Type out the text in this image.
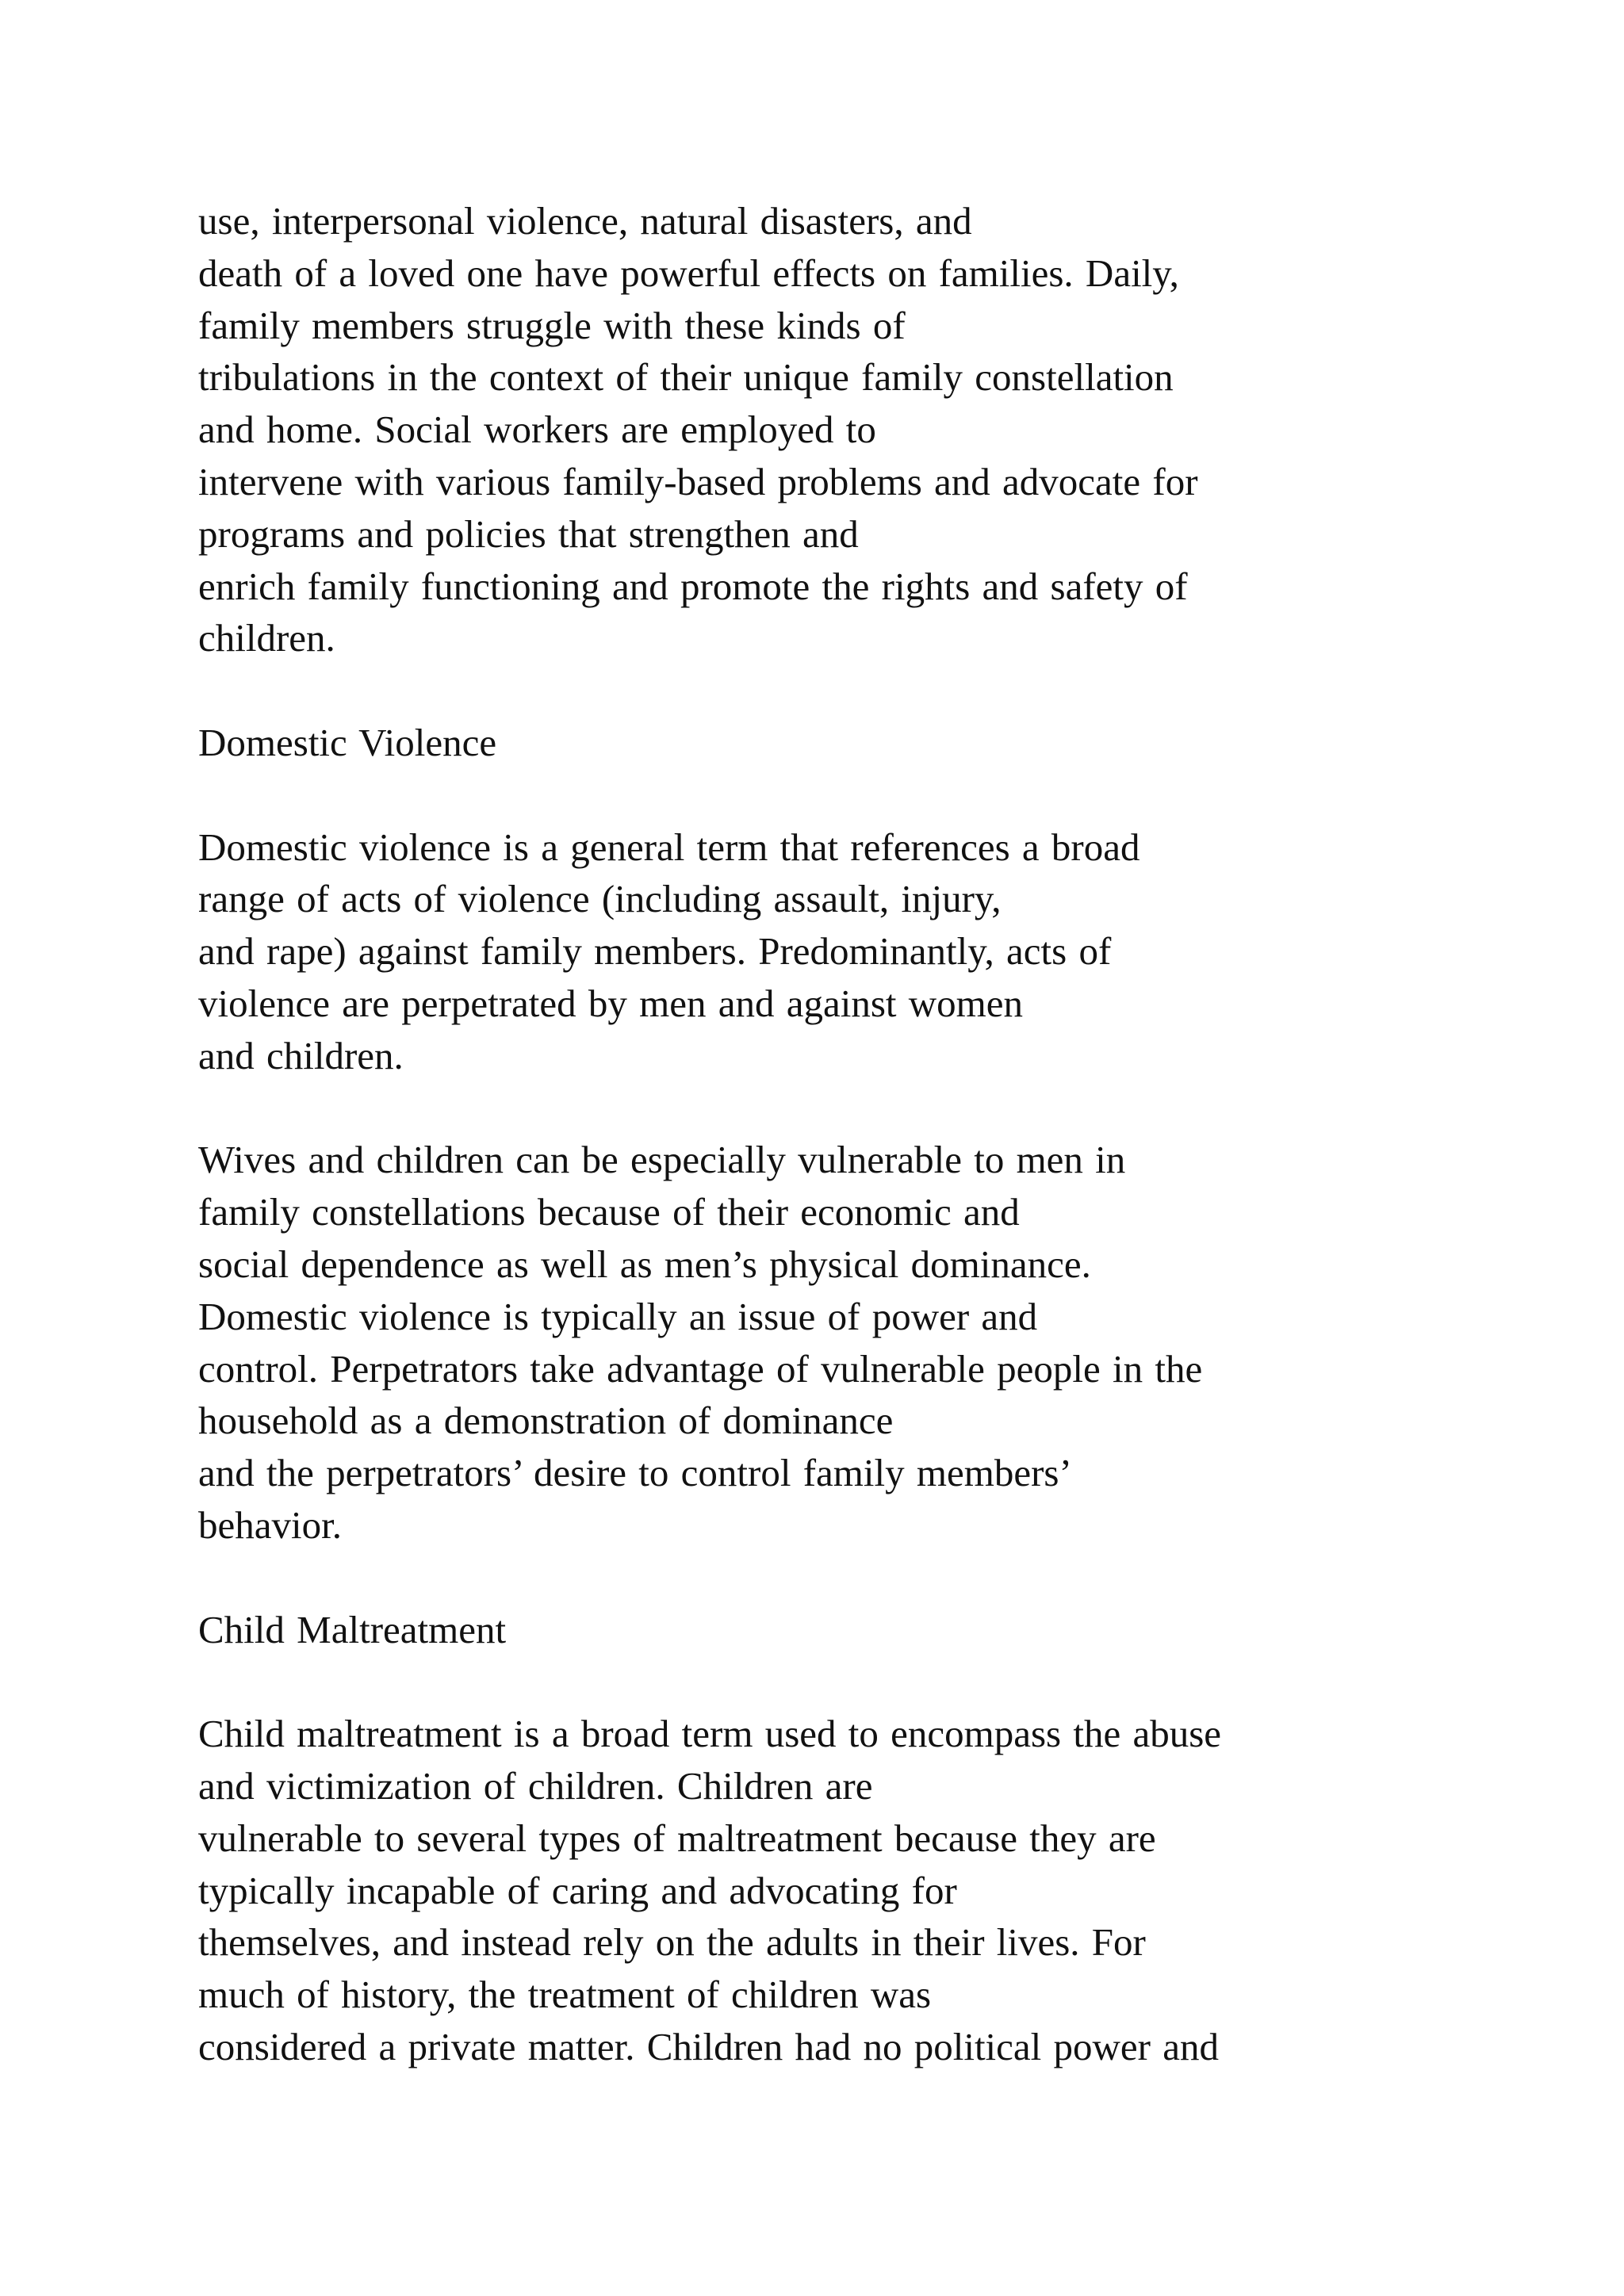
use, interpersonal violence, natural disasters, and
death of a loved one have powerful effects on families. Daily,
family members struggle with these kinds of
tribulations in the context of their unique family constellation
and home. Social workers are employed to
intervene with various family-based problems and advocate for
programs and policies that strengthen and
enrich family functioning and promote the rights and safety of
children.
Domestic Violence
Domestic violence is a general term that references a broad
range of acts of violence (including assault, injury,
and rape) against family members. Predominantly, acts of
violence are perpetrated by men and against women
and children.
Wives and children can be especially vulnerable to men in
family constellations because of their economic and
social dependence as well as men’s physical dominance.
Domestic violence is typically an issue of power and
control. Perpetrators take advantage of vulnerable people in the
household as a demonstration of dominance
and the perpetrators’ desire to control family members’
behavior.
Child Maltreatment
Child maltreatment is a broad term used to encompass the abuse
and victimization of children. Children are
vulnerable to several types of maltreatment because they are
typically incapable of caring and advocating for
themselves, and instead rely on the adults in their lives. For
much of history, the treatment of children was
considered a private matter. Children had no political power and
